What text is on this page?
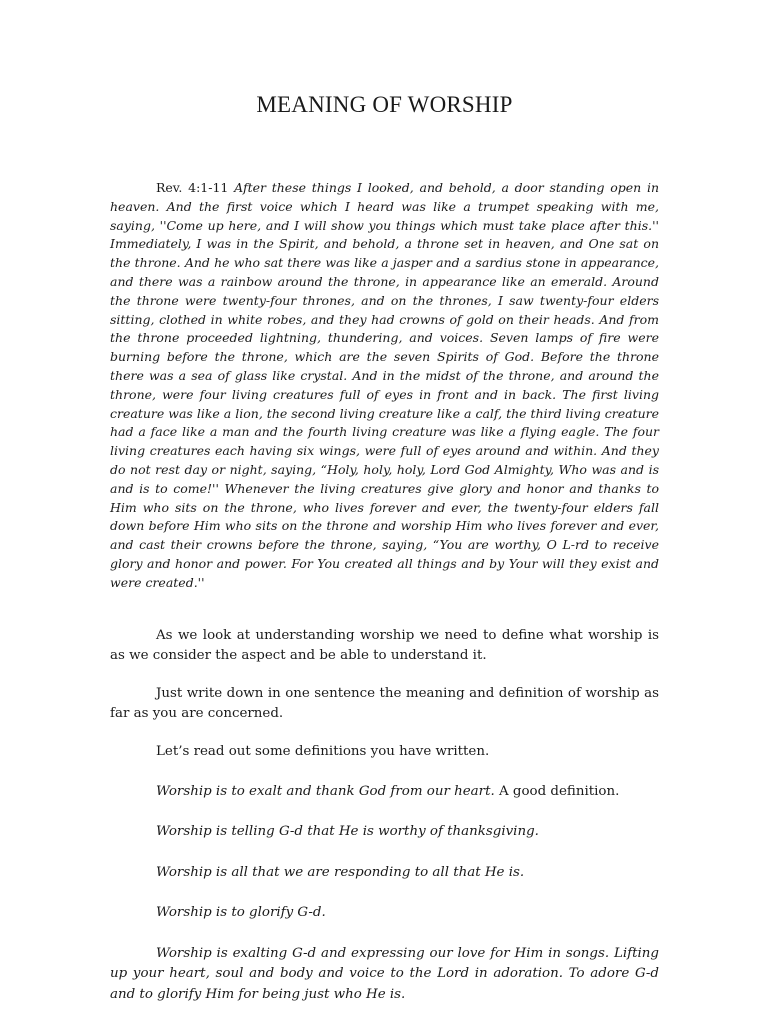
MEANING OF WORSHIP

Rev. 4:1-11 After these things I looked, and behold, a door standing open in heaven. And the first voice which I heard was like a trumpet speaking with me, saying, ''Come up here, and I will show you things which must take place after this.'' Immediately, I was in the Spirit, and behold, a throne set in heaven, and One sat on the throne. And he who sat there was like a jasper and a sardius stone in appearance, and there was a rainbow around the throne, in appearance like an emerald. Around the throne were twenty-four thrones, and on the thrones, I saw twenty-four elders sitting, clothed in white robes, and they had crowns of gold on their heads. And from the throne proceeded lightning, thundering, and voices. Seven lamps of fire were burning before the throne, which are the seven Spirits of God. Before the throne there was a sea of glass like crystal. And in the midst of the throne, and around the throne, were four living creatures full of eyes in front and in back. The first living creature was like a lion, the second living creature like a calf, the third living creature had a face like a man and the fourth living creature was like a flying eagle. The four living creatures each having six wings, were full of eyes around and within. And they do not rest day or night, saying, “Holy, holy, holy, Lord God Almighty, Who was and is and is to come!'' Whenever the living creatures give glory and honor and thanks to Him who sits on the throne, who lives forever and ever, the twenty-four elders fall down before Him who sits on the throne and worship Him who lives forever and ever, and cast their crowns before the throne, saying, “You are worthy, O L-rd to receive glory and honor and power. For You created all things and by Your will they exist and were created.''

As we look at understanding worship we need to define what worship is as we consider the aspect and be able to understand it.

Just write down in one sentence the meaning and definition of worship as far as you are concerned.

Let’s read out some definitions you have written.

Worship is to exalt and thank God from our heart. A good definition.

Worship is telling G-d that He is worthy of thanksgiving.

Worship is all that we are responding to all that He is.

Worship is to glorify G-d.

Worship is exalting G-d and expressing our love for Him in songs. Lifting up your heart, soul and body and voice to the Lord in adoration. To adore G-d and to glorify Him for being just who He is.
